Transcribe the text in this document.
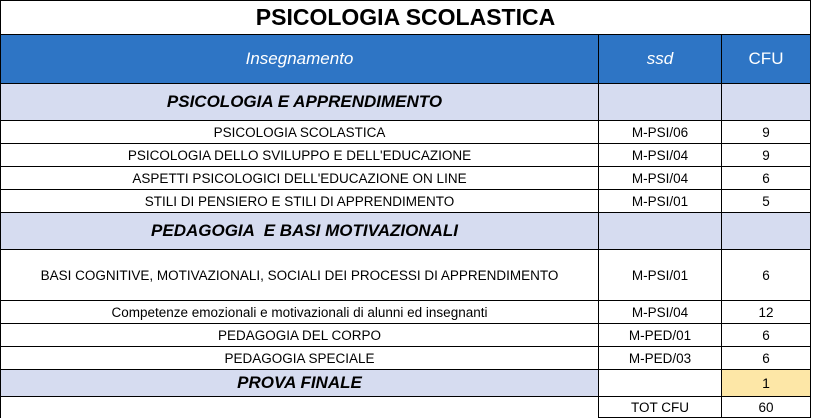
PSICOLOGIA SCOLASTICA		
Insegnamento	ssd	CFU
PSICOLOGIA E APPRENDIMENTO		
PSICOLOGIA SCOLASTICA	M-PSI/06	9
PSICOLOGIA DELLO SVILUPPO E DELL'EDUCAZIONE	M-PSI/04	9
ASPETTI PSICOLOGICI DELL'EDUCAZIONE ON LINE	M-PSI/04	6
STILI DI PENSIERO E STILI DI APPRENDIMENTO	M-PSI/01	5
PEDAGOGIA  E BASI MOTIVAZIONALI		
BASI COGNITIVE, MOTIVAZIONALI, SOCIALI DEI PROCESSI DI APPRENDIMENTO	M-PSI/01	6
Competenze emozionali e motivazionali di alunni ed insegnanti	M-PSI/04	12
PEDAGOGIA DEL CORPO	M-PED/01	6
PEDAGOGIA SPECIALE	M-PED/03	6
PROVA FINALE		1
	TOT CFU	60
